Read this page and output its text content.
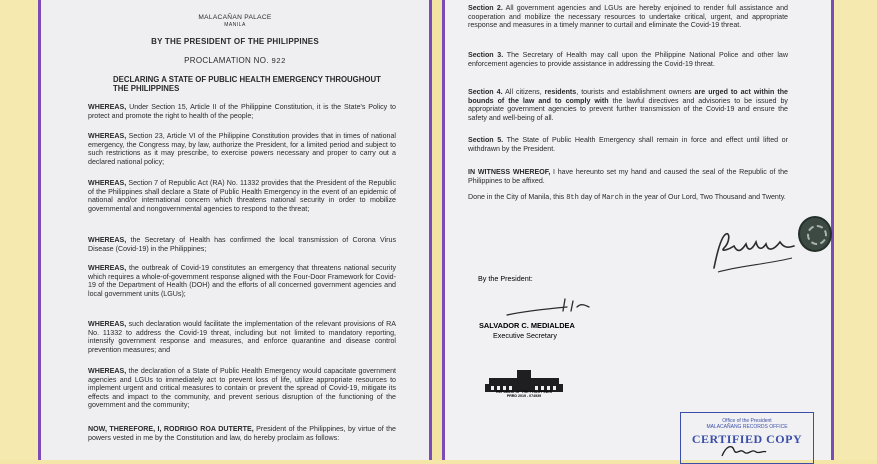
MALACAÑAN PALACE
MANILA
BY THE PRESIDENT OF THE PHILIPPINES
PROCLAMATION NO. 922
DECLARING A STATE OF PUBLIC HEALTH EMERGENCY THROUGHOUT THE PHILIPPINES
WHEREAS, Under Section 15, Article II of the Philippine Constitution, it is the State's Policy to protect and promote the right to health of the people;
WHEREAS, Section 23, Article VI of the Philippine Constitution provides that in times of national emergency, the Congress may, by law, authorize the President, for a limited period and subject to such restrictions as it may prescribe, to exercise powers necessary and proper to carry out a declared national policy;
WHEREAS, Section 7 of Republic Act (RA) No. 11332 provides that the President of the Republic of the Philippines shall declare a State of Public Health Emergency in the event of an epidemic of national and/or international concern which threatens national security in order to mobilize governmental and nongovernmental agencies to respond to the threat;
WHEREAS, the Secretary of Health has confirmed the local transmission of Corona Virus Disease (Covid-19) in the Philippines;
WHEREAS, the outbreak of Covid-19 constitutes an emergency that threatens national security which requires a whole-of-government response aligned with the Four-Door Framework for Covid-19 of the Department of Health (DOH) and the efforts of all concerned government agencies and local government units (LGUs);
WHEREAS, such declaration would facilitate the implementation of the relevant provisions of RA No. 11332 to address the Covid-19 threat, including but not limited to mandatory reporting, intensify government response and measures, and enforce quarantine and disease control prevention measures; and
WHEREAS, the declaration of a State of Public Health Emergency would capacitate government agencies and LGUs to immediately act to prevent loss of life, utilize appropriate resources to implement urgent and critical measures to contain or prevent the spread of Covid-19, mitigate its effects and impact to the community, and prevent serious disruption of the functioning of the government and the community;
NOW, THEREFORE, I, RODRIGO ROA DUTERTE, President of the Philippines, by virtue of the powers vested in me by the Constitution and law, do hereby proclaim as follows:
Section 2. All government agencies and LGUs are hereby enjoined to render full assistance and cooperation and mobilize the necessary resources to undertake critical, urgent, and appropriate response and measures in a timely manner to curtail and eliminate the Covid-19 threat.
Section 3. The Secretary of Health may call upon the Philippine National Police and other law enforcement agencies to provide assistance in addressing the Covid-19 threat.
Section 4. All citizens, residents, tourists and establishment owners are urged to act within the bounds of the law and to comply with the lawful directives and advisories to be issued by appropriate government agencies to prevent further transmission of the Covid-19 and ensure the safety and well-being of all.
Section 5. The State of Public Health Emergency shall remain in force and effect until lifted or withdrawn by the President.
IN WITNESS WHEREOF, I have hereunto set my hand and caused the seal of the Republic of the Philippines to be affixed.
Done in the City of Manila, this 8th day of March in the year of Our Lord, Two Thousand and Twenty.
By the President:
SALVADOR C. MEDIALDEA
Executive Secretary
REPUBLIC OF THE PHILIPPINES
PRRD 2019 - 074939
Office of the President
MALACAÑANG RECORDS OFFICE
CERTIFIED COPY
